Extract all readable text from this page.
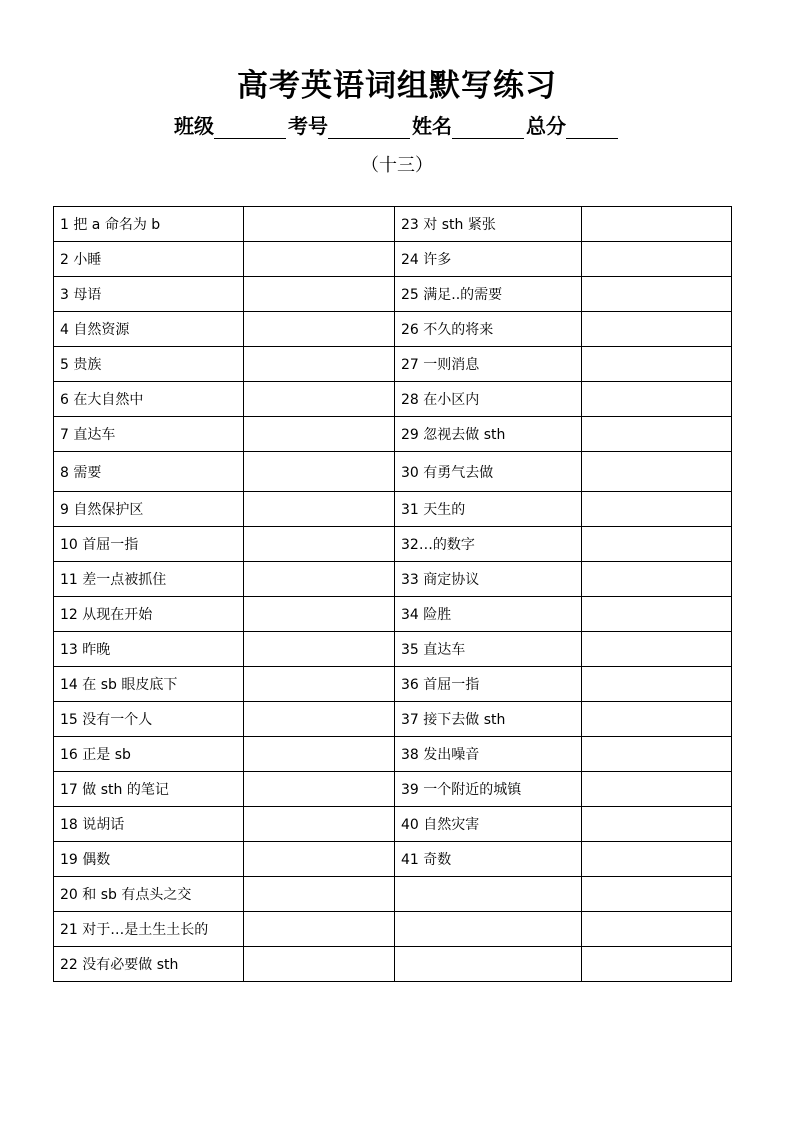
高考英语词组默写练习
班级	考号	姓名	总分
（十三）
1 把 a 命名为 b		23 对 sth 紧张	
2 小睡		24 许多	
3 母语		25 满足..的需要	
4 自然资源		26 不久的将来	
5 贵族		27 一则消息	
6 在大自然中		28 在小区内	
7 直达车		29 忽视去做 sth	
8 需要		30 有勇气去做	
9 自然保护区		31 天生的	
10 首屈一指		32…的数字	
11 差一点被抓住		33 商定协议	
12 从现在开始		34 险胜	
13 昨晚		35 直达车	
14 在 sb 眼皮底下		36 首屈一指	
15 没有一个人		37 接下去做 sth	
16 正是 sb		38 发出噪音	
17 做 sth 的笔记		39 一个附近的城镇	
18 说胡话		40 自然灾害	
19 偶数		41 奇数	
20 和 sb 有点头之交			
21 对于…是土生土长的			
22 没有必要做 sth			
